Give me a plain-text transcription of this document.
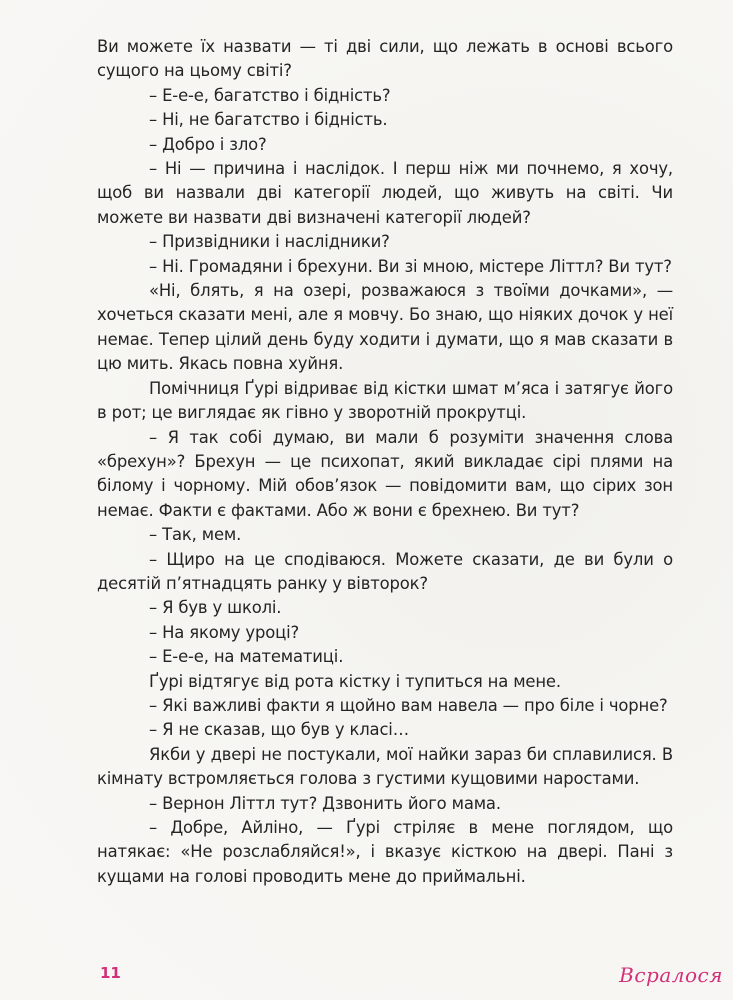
Ви можете їх назвати — ті дві сили, що лежать в основі всього сущого на цьому світі?

– Е-е-е, багатство і бідність?

– Ні, не багатство і бідність.

– Добро і зло?

– Ні — причина і наслідок. І перш ніж ми почнемо, я хочу, щоб ви назвали дві категорії людей, що живуть на світі. Чи можете ви назвати дві визначені категорії людей?

– Призвідники і наслідники?

– Ні. Громадяни і брехуни. Ви зі мною, містере Літтл? Ви тут?

«Ні, блять, я на озері, розважаюся з твоїми дочками», — хочеться сказати мені, але я мовчу. Бо знаю, що ніяких дочок у неї немає. Тепер цілий день буду ходити і думати, що я мав сказати в цю мить. Якась повна хуйня.

Помічниця Ґурі відриває від кістки шмат м’яса і затягує його в рот; це виглядає як гівно у зворотній прокрутці.

– Я так собі думаю, ви мали б розуміти значення слова «брехун»? Брехун — це психопат, який викладає сірі плями на білому і чорному. Мій обов’язок — повідомити вам, що сірих зон немає. Факти є фактами. Або ж вони є брехнею. Ви тут?

– Так, мем.

– Щиро на це сподіваюся. Можете сказати, де ви були о десятій п’ятнадцять ранку у вівторок?

– Я був у школі.

– На якому уроці?

– Е-е-е, на математиці.

Ґурі відтягує від рота кістку і тупиться на мене.

– Які важливі факти я щойно вам навела — про біле і чорне?

– Я не сказав, що був у класі…

Якби у двері не постукали, мої найки зараз би сплавилися. В кімнату встромляється голова з густими кущовими наростами.

– Вернон Літтл тут? Дзвонить його мама.

– Добре, Айліно, — Ґурі стріляє в мене поглядом, що натякає: «Не розслабляйся!», і вказує кісткою на двері. Пані з кущами на голові проводить мене до приймальні.

11	Всралося
